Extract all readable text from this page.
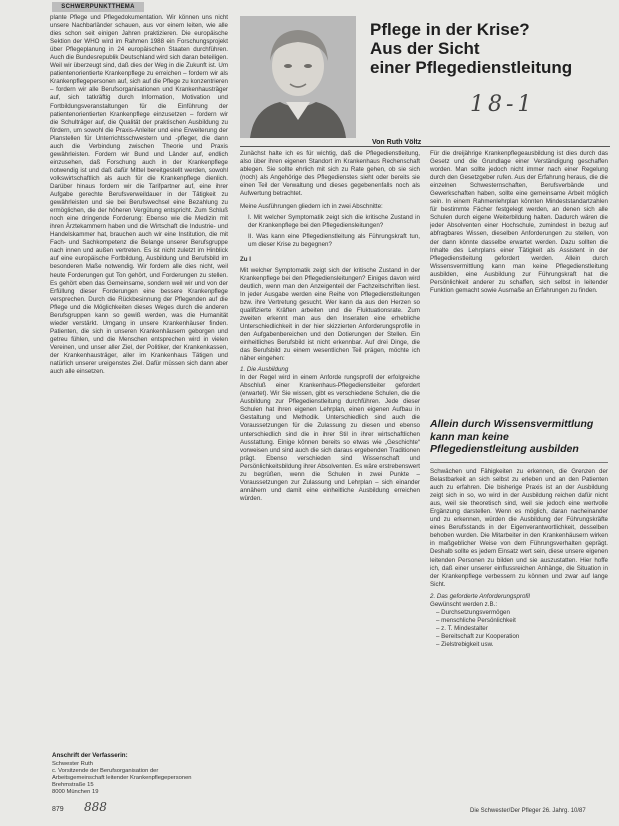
SCHWERPUNKTTHEMA

plante Pflege und Pflegedokumentation. Wir können uns nicht unsere Nachbarländer schauen, aus vor einem leiten, wie alle dies schon seit einigen Jahren praktizieren. Die europäische Sektion der WHO wird im Rahmen 1988 ein Forschungsprojekt über Pflegeplanung in 24 europäischen Staaten durchführen. Auch die Bundesrepublik Deutschland wird sich daran beteiligen. Weil wir überzeugt sind, daß dies der Weg in die Zukunft ist. Um patientenorientierte Krankenpflege zu erreichen – fordern wir als Krankenpflegepersonen auf, sich auf die Pflege zu konzentrieren – fordern wir alle Berufsorganisationen und Krankenhausträger auf, sich tatkräftig durch Information, Motivation und Fortbildungsveranstaltungen für die Einführung der patientenorientierten Krankenpflege einzusetzen – fordern wir die Schulträger auf, die Qualität der praktischen Ausbildung zu fördern, um sowohl die Praxis-Anleiter und eine Erweiterung der Planstellen für Unterrichtsschwestern und -pfleger, die dann auch die Verbindung zwischen Theorie und Praxis gewährleisten. Fordern wir Bund und Länder auf, endlich einzusehen, daß Forschung auch in der Krankenpflege notwendig ist und daß dafür Mittel bereitgestellt werden, sowohl volkswirtschaftlich als auch für die Krankenpflege dienlich. Darüber hinaus fordern wir die Tarifpartner auf, eine ihrer Aufgabe gerechte Berufsverweildauer in der Tätigkeit zu gewährleisten und sie bei Berufswechsel eine Bezahlung zu ermöglichen, die der höheren Vergütung entspricht. Zum Schluß noch eine dringende Forderung: Ebenso wie die Medizin mit ihren Ärztekammern haben und die Wirtschaft die Industrie- und Handelskammer hat, brauchen auch wir eine Institution, die mit Fach- und Sachkompetenz die Belange unserer Berufsgruppe nach innen und außen vertreten. Es ist nicht zuletzt im Hinblick auf eine europäische Fortbildung, Ausbildung und Berufsbild im besonderen Maße notwendig. Wir fordern alle dies nicht, weil heute Forderungen gut Ton gehört, und Forderungen zu stellen. Es gehört eben das Gemeinsame, sondern weil wir und von der Erfüllung dieser Forderungen eine bessere Krankenpflege versprechen. Durch die Rückbesinnung der Pflegenden auf die Pflege und die Möglichkeiten dieses Weges durch die anderen Berufsgruppen kann so gewiß werden, was die Humanität wieder verstärkt. Umgang in unsere Krankenhäuser finden. Patienten, die sich in unseren Krankenhäusern geborgen und getreu fühlen, und die Menschen entsprechen wird in vielen Vereinen, und unser aller Ziel, der Politiker, der Krankenkassen, der Krankenhausträger, aller im Krankenhaus Tätigen und natürlich unserer ureigenstes Ziel. Dafür müssen sich dann aber auch alle einsetzen.

Anschrift der Verfasserin:
Schwester Ruth
c. Vorsitzende der Berufsorganisation der
Arbeitsgemeinschaft leitender Krankenpflegepersonen
Brehmstraße 15
8000 München 19
879 888
Pflege in der Krise?
Aus der Sicht
einer Pflegedienstleitung
18-1
Von Ruth Völtz

Zunächst halte ich es für wichtig, daß die Pflegedienstleitung, also über ihren eigenen Standort im Krankenhaus Rechenschaft ablegen. Sie sollte ehrlich mit sich zu Rate gehen, ob sie sich (noch) als Angehörige des Pflegedienstes sieht oder bereits sie einen Teil der Verwaltung und dieses gegebenenfalls noch als Aufwertung betrachtet.

Meine Ausführungen gliedern ich in zwei Abschnitte:

I. Mit welcher Symptomatik zeigt sich die kritische Zustand in der Krankenpflege bei den Pflegediensleitungen?

II. Was kann eine Pflegedienstleitung als Führungskraft tun, um dieser Krise zu begegnen?

Zu I

Mit welcher Symptomatik zeigt sich der kritische Zustand in der Krankenpflege bei den Pflegediensleitungen? Einiges davon wird deutlich, wenn man den Anzeigenteil der Fachzeitschriften liest. In jeder Ausgabe werden eine Reihe von Pflegedienstleitungen bzw. ihre Vertretung gesucht. Wer kann da aus den Herzen so qualifizierte Kräften arbeiten und die Fluktuationsrate. Zum zweiten erkennt man aus den Inseraten eine erhebliche Unterschiedlichkeit in der hier skizzierten Anforderungsprofile in den Aufgabenbereichen und den Dotierungen der Stellen. Ein einheitliches Berufsbild ist nicht erkennbar. Auf drei Dinge, die das Berufsbild zu einem wesentlichen Teil prägen, möchte ich näher eingehen:

1. Die Ausbildung

In der Regel wird in einem Anforde rungsprofil der erfolgreiche Abschluß einer Krankenhaus-Pflegedienstleiter gefordert (erwartet). Wir Sie wissen, gibt es verschiedene Schulen, die die Ausbildung zur Pflegedienstleitung durchführen. Jede dieser Schulen hat ihren eigenen Lehrplan, einen eigenen Aufbau in Gestaltung und Methodik. Unterschiedlich sind auch die Voraussetzungen für die Zulassung zu diesen und ebenso unterschiedlich sind die in ihrer Stil in ihrer wirtschaftlichen Ausstattung. Einige können bereits so etwas wie „Geschichte“ vorweisen und sind auch die sich daraus ergebenden Traditionen prägt. Ebenso verschieden sind Wissenschaft und Persönlichkeitsbildung ihrer Absolventen. Es wäre erstrebenswert zu begrüßen, wenn die Schulen in zwei Punkte – Voraussetzungen zur Zulassung und Lehrplan – sich einander annähern und damit eine einheitliche Ausbildung erreichen würden.

Für die dreijährige Krankenpflegeausbildung ist dies durch das Gesetz und die Grundlage einer Verständigung geschaffen worden. Man sollte jedoch nicht immer nach einer Regelung durch den Gesetzgeber rufen. Aus der Erfahrung heraus, die die einzelnen Schwesternschaften, Berufsverbände und Gewerkschaften haben, sollte eine gemeinsame Arbeit möglich sein. In einem Rahmenlehrplan könnten Mindeststandartzahlen für bestimmte Fächer festgelegt werden, an denen sich alle Schulen durch eigene Weiterbildung halten. Dadurch wären die jeder Absolventen einer Hochschule, zumindest in bezug auf abfragbares Wissen, dieselben Anforderungen zu stellen, von der dann könnte dasselbe erwartet werden. Dazu sollten die Inhalte des Lehrplans einer Tätigkeit als Assistent in der Pflegedienstleitung gefordert werden. Allein durch Wissensvermittlung kann man keine Pflegedienstleitung ausbilden, eine Ausbildung zur Führungskraft hat die Persönlichkeit anderer zu schaffen, sich selbst in leitender Funktion gemacht sowie Ausmaße an Erfahrungen zu finden.

Allein durch Wissensvermittlung kann man keine Pflegedienstleitung ausbilden

Schwächen und Fähigkeiten zu erkennen, die Grenzen der Belastbarkeit an sich selbst zu erleben und an den Patienten auch zu erfahren. Die bisherige Praxis ist an der Ausbildung zeigt sich in so, wo wird in der Ausbildung reichen dafür nicht aus, weil sie theoretisch sind, weil sie jedoch eine wertvolle Ergänzung darstellen. Wenn es möglich, daran nacheinander und zu erkennen, würden die Ausbildung der Führungskräfte eines Berufsstands in der Eigenverantwortlichkeit, desselben behoben wurden. Die Mitarbeiter in den Krankenhäusern wirken in maßgeblicher Weise von dem Führungsverhalten geprägt. Deshalb sollte es jedem Einsatz wert sein, diese unsere eigenen leitenden Personen zu bilden und sie auszustatten. Hier hoffe ich, daß einer unserer einflussreichen Anhänge, die Situation in der Krankenpflege verbessern zu können und zwar auf lange Sicht.

2. Das geforderte Anforderungsprofil

Gewünscht werden z.B.:

– Durchsetzungsvermögen

– menschliche Persönlichkeit

– z. T. Mindestalter

– Bereitschaft zur Kooperation

– Zielstrebigkeit usw.

Die Schwester/Der Pfleger 26. Jahrg. 10/87
